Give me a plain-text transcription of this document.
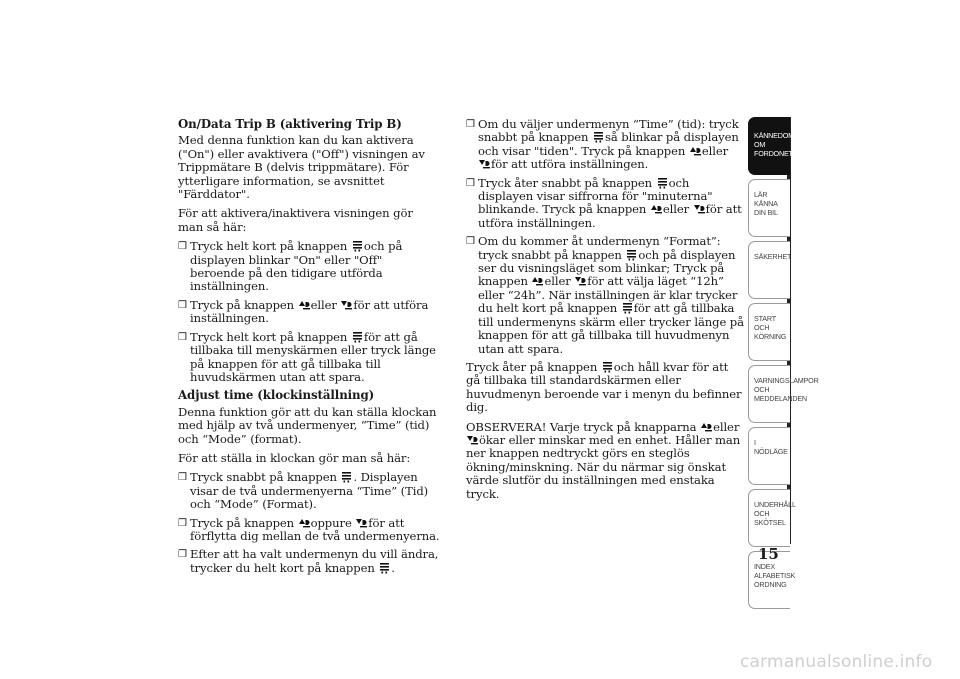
On/Data Trip B (aktivering Trip B)

Med denna funktion kan du kan aktivera ("On") eller avaktivera ("Off") visningen av Trippmätare B (delvis trippmätare). För ytterligare information, se avsnittet "Färddator".

För att aktivera/inaktivera visningen gör man så här:

❒ Tryck helt kort på knappen
och på displayen blinkar "On" eller "Off" beroende på den tidigare utförda inställningen.
❒ Tryck på knappen
eller
för att utföra inställningen.
❒ Tryck helt kort på knappen
för att gå tillbaka till menyskärmen eller tryck länge på knappen för att gå tillbaka till huvudskärmen utan att spara.
Adjust time (klockinställning)

Denna funktion gör att du kan ställa klockan med hjälp av två undermenyer, “Time” (tid) och “Mode” (format).

För att ställa in klockan gör man så här:

❒ Tryck snabbt på knappen
. Displayen visar de två undermenyerna “Time” (Tid) och “Mode” (Format).
❒ Tryck på knappen
oppure
för att förflytta dig mellan de två undermenyerna.
❒ Efter att ha valt undermenyn du vill ändra, trycker du helt kort på knappen
.
❒ Om du väljer undermenyn “Time” (tid): tryck snabbt på knappen
så blinkar på displayen och visar "tiden". Tryck på knappen
eller
för att utföra inställningen.
❒ Tryck åter snabbt på knappen
och displayen visar siffrorna för "minuterna" blinkande. Tryck på knappen
eller
för att utföra inställningen.
❒ Om du kommer åt undermenyn “Format”: tryck snabbt på knappen
och på displayen ser du visningsläget som blinkar; Tryck på knappen
eller
för att välja läget “12h” eller “24h”. När inställningen är klar trycker du helt kort på knappen
för att gå tillbaka till undermenyns skärm eller trycker länge på knappen för att gå tillbaka till huvudmenyn utan att spara.

Tryck åter på knappen
och håll kvar för att gå tillbaka till standardskärmen eller huvudmenyn beroende var i menyn du befinner dig.

OBSERVERA! Varje tryck på knapparna
eller
ökar eller minskar med en enhet. Håller man ner knappen nedtryckt görs en steglös ökning/minskning. När du närmar sig önskat värde slutför du inställningen med enstaka tryck.

KÄNNEDOM OM FORDONET
LÄR KÄNNA DIN BIL
SÄKERHET
START OCH KÖRNING
VARNINGSLAMPOR OCH MEDDELANDEN
I NÖDLÄGE
UNDERHÅLL OCH SKÖTSEL
INDEX ALFABETISK ORDNING
15
carmanualsonline.info
